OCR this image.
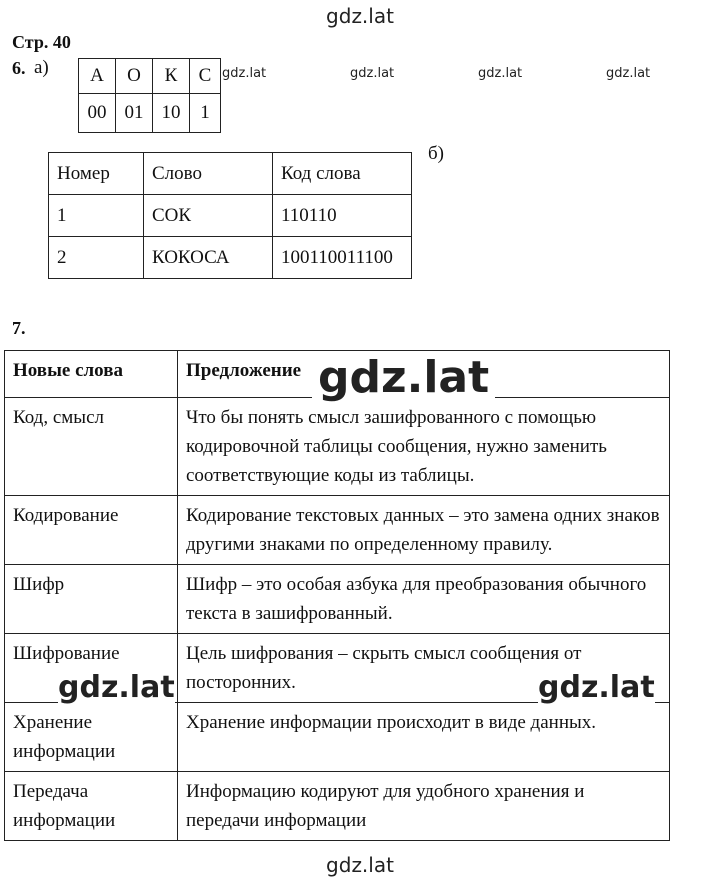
gdz.lat
Стр. 40
6. а) А	О	К	С
00	01	10	1
gdz.lat	gdz.lat	gdz.lat	gdz.lat
Номер	Слово	Код слова
1	СОК	110110
2	КОКОСА	100110011100
б)
7.
Новые слова	Предложение
Код, смысл	Что бы понять смысл зашифрованного с помощью кодировочной таблицы сообщения, нужно заменить соответствующие коды из таблицы.
Кодирование	Кодирование текстовых данных – это замена одних знаков другими знаками по определенному правилу.
Шифр	Шифр – это особая азбука для преобразования обычного текста в зашифрованный.
Шифрование	Цель шифрования – скрыть смысл сообщения от посторонних.
Хранение информации	Хранение информации происходит в виде данных.
Передача информации	Информацию кодируют для удобного хранения и передачи информации
gdz.lat
gdz.lat	gdz.lat
gdz.lat
